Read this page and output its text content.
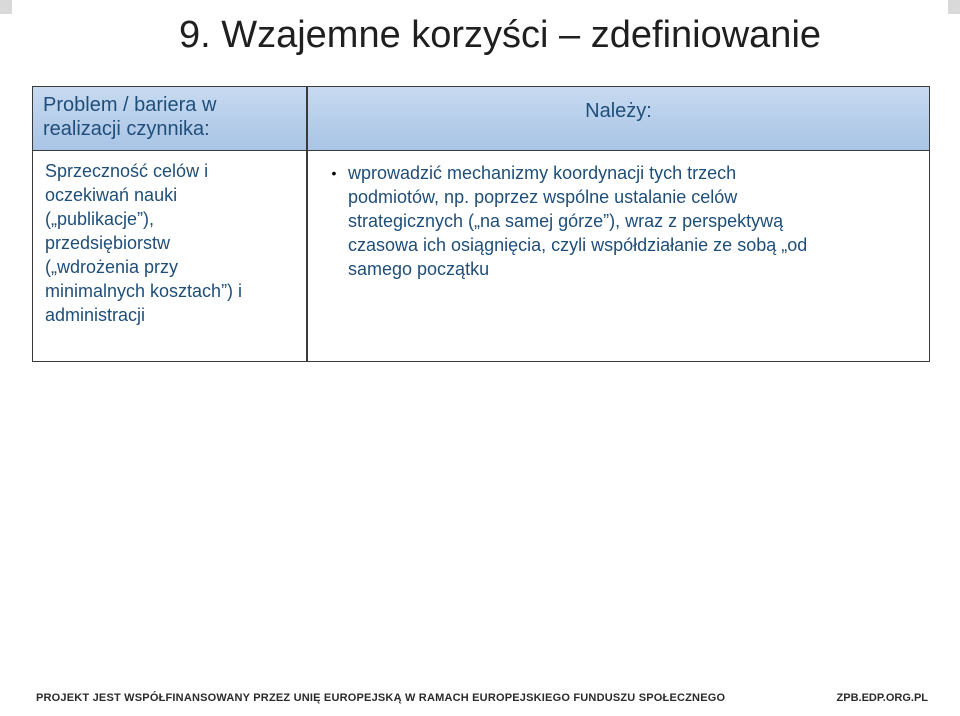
9. Wzajemne korzyści – zdefiniowanie
Problem / bariera w realizacji czynnika:
Sprzeczność celów i
oczekiwań nauki
(„publikacje”),
przedsiębiorstw
(„wdrożenia przy
minimalnych kosztach”) i
administracji
Należy:
• wprowadzić mechanizmy koordynacji tych trzech
podmiotów, np. poprzez wspólne ustalanie celów
strategicznych („na samej górze”), wraz z perspektywą
czasowa ich osiągnięcia, czyli współdziałanie ze sobą „od
samego początku
PROJEKT JEST WSPÓŁFINANSOWANY PRZEZ UNIĘ EUROPEJSKĄ W RAMACH EUROPEJSKIEGO FUNDUSZU SPOŁECZNEGO	ZPB.EDP.ORG.PL
